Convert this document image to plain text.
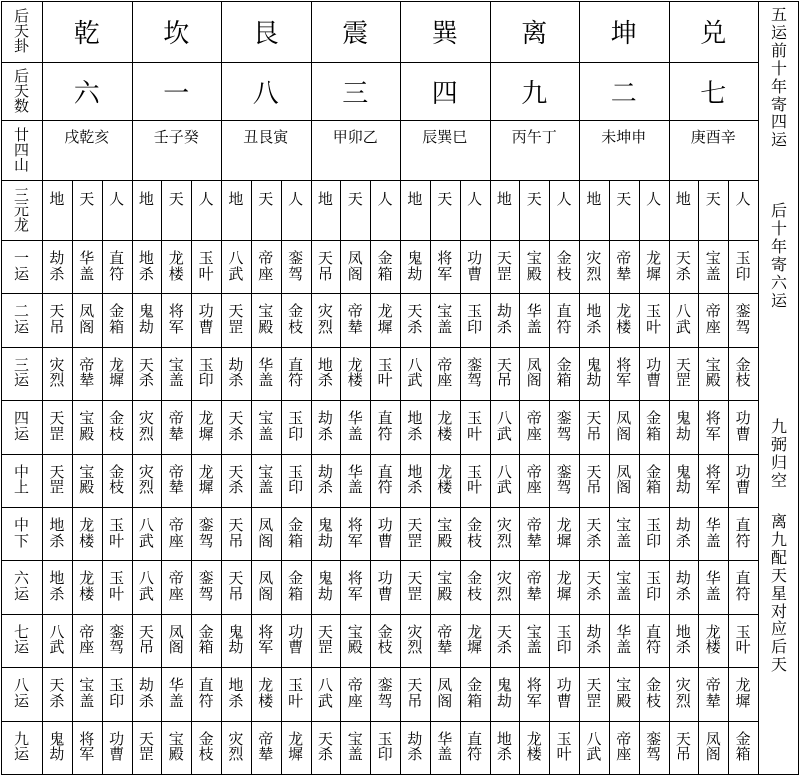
后天卦
后天数
廿四山
三元龙
乾
六
戌乾亥
坎
一
壬子癸
艮
八
丑艮寅
震
三
甲卯乙
巽
四
辰巽巳
离
九
丙午丁
坤
二
未坤申
兑
七
庚酉辛
地 天 人 地 天 人 地 天 人 地 天 人 地 天 人 地 天 人 地 天 人 地 天 人
一运
劫杀
华盖
直符
地杀
龙楼
玉叶
八武
帝座
銮驾
天吊
凤阁
金箱
鬼劫
将军
功曹
天罡
宝殿
金枝
灾烈
帝辇
龙墀
天杀
宝盖
玉印
二运
天吊
凤阁
金箱
鬼劫
将军
功曹
天罡
宝殿
金枝
灾烈
帝辇
龙墀
天杀
宝盖
玉印
劫杀
华盖
直符
地杀
龙楼
玉叶
八武
帝座
銮驾
三运
灾烈
帝辇
龙墀
天杀
宝盖
玉印
劫杀
华盖
直符
地杀
龙楼
玉叶
八武
帝座
銮驾
天吊
凤阁
金箱
鬼劫
将军
功曹
天罡
宝殿
金枝
四运
天罡
宝殿
金枝
灾烈
帝辇
龙墀
天杀
宝盖
玉印
劫杀
华盖
直符
地杀
龙楼
玉叶
八武
帝座
銮驾
天吊
凤阁
金箱
鬼劫
将军
功曹
中上
天罡
宝殿
金枝
灾烈
帝辇
龙墀
天杀
宝盖
玉印
劫杀
华盖
直符
地杀
龙楼
玉叶
八武
帝座
銮驾
天吊
凤阁
金箱
鬼劫
将军
功曹
中下
地杀
龙楼
玉叶
八武
帝座
銮驾
天吊
凤阁
金箱
鬼劫
将军
功曹
天罡
宝殿
金枝
灾烈
帝辇
龙墀
天杀
宝盖
玉印
劫杀
华盖
直符
六运
地杀
龙楼
玉叶
八武
帝座
銮驾
天吊
凤阁
金箱
鬼劫
将军
功曹
天罡
宝殿
金枝
灾烈
帝辇
龙墀
天杀
宝盖
玉印
劫杀
华盖
直符
七运
八武
帝座
銮驾
天吊
凤阁
金箱
鬼劫
将军
功曹
天罡
宝殿
金枝
灾烈
帝辇
龙墀
天杀
宝盖
玉印
劫杀
华盖
直符
地杀
龙楼
玉叶
八运
天杀
宝盖
玉印
劫杀
华盖
直符
地杀
龙楼
玉叶
八武
帝座
銮驾
天吊
凤阁
金箱
鬼劫
将军
功曹
天罡
宝殿
金枝
灾烈
帝辇
龙墀
九运
鬼劫
将军
功曹
天罡
宝殿
金枝
灾烈
帝辇
龙墀
天杀
宝盖
玉印
劫杀
华盖
直符
地杀
龙楼
玉叶
八武
帝座
銮驾
天吊
凤阁
金箱
五运前十年寄四运
后十年寄六运
九弼归空
离九配天星对应后天
